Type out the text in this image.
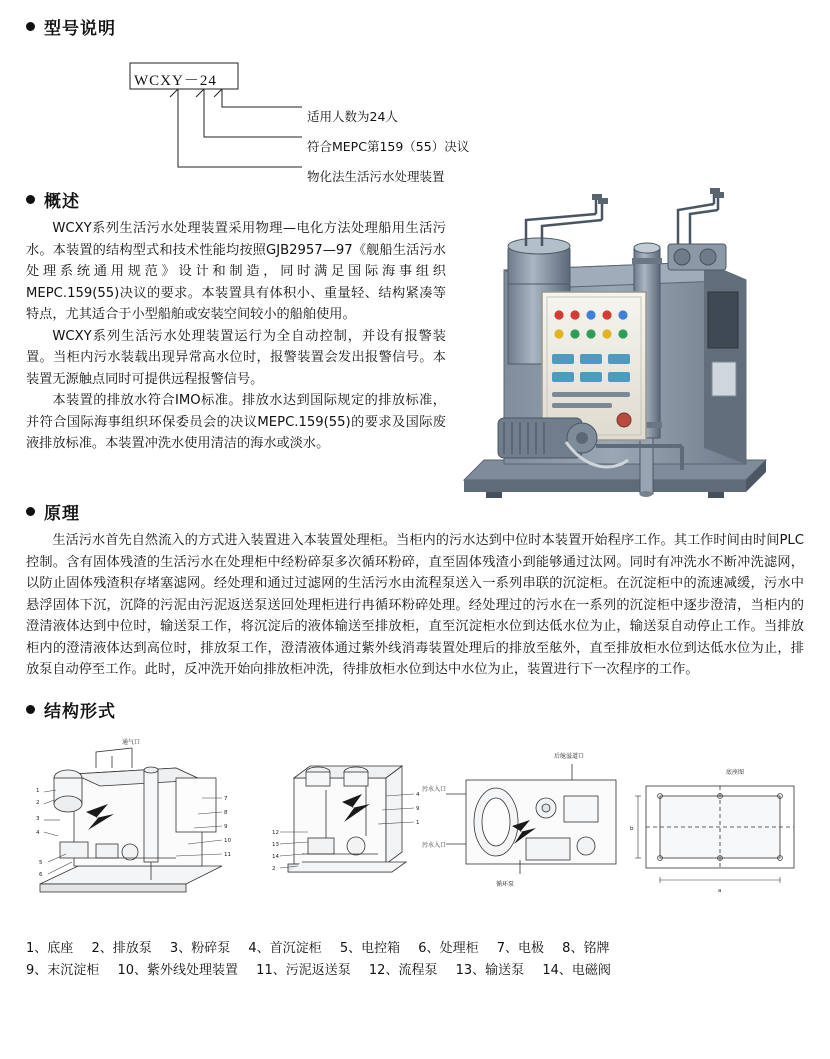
型号说明
WCXY－24
适用人数为24人
符合MEPC第159（55）决议
物化法生活污水处理装置
概述

WCXY系列生活污水处理装置采用物理—电化方法处理船用生活污水。本装置的结构型式和技术性能均按照GJB2957—97《舰船生活污水处理系统通用规范》设计和制造，同时满足国际海事组织MEPC.159(55)决议的要求。本装置具有体积小、重量轻、结构紧凑等特点，尤其适合于小型船舶或安装空间较小的船舶使用。

WCXY系列生活污水处理装置运行为全自动控制，并设有报警装置。当柜内污水装载出现异常高水位时，报警装置会发出报警信号。本装置无源触点同时可提供远程报警信号。

本装置的排放水符合IMO标准。排放水达到国际规定的排放标准，并符合国际海事组织环保委员会的决议MEPC.159(55)的要求及国际废液排放标准。本装置冲洗水使用清洁的海水或淡水。

原理

生活污水首先自然流入的方式进入装置进入本装置处理柜。当柜内的污水达到中位时本装置开始程序工作。其工作时间由时间PLC控制。含有固体残渣的生活污水在处理柜中经粉碎泵多次循环粉碎，直至固体残渣小到能够通过汰网。同时有冲洗水不断冲洗滤网，以防止固体残渣积存堵塞滤网。经处理和通过过滤网的生活污水由流程泵送入一系列串联的沉淀柜。在沉淀柜中的流速减缓，污水中悬浮固体下沉，沉降的污泥由污泥返送泵送回处理柜进行冉循环粉碎处理。经处理过的污水在一系列的沉淀柜中逐步澄清，当柜内的澄清液体达到中位时，输送泵工作，将沉淀后的液体输送至排放柜，直至沉淀柜水位到达低水位为止，输送泵自动停止工作。当排放柜内的澄清液体达到高位时，排放泵工作，澄清液体通过紫外线消毒装置处理后的排放至舷外，直至排放柜水位到达低水位为止，排放泵自动停至工作。此时，反冲洗开始向排放柜冲洗，待排放柜水位到达中水位为止，装置进行下一次程序的工作。

结构形式
1
2
3
4
5
6
7
8
9
10
11
通气口
12
13
14
2
4
9
1
污水入口
污水入口
后舱溢道口
循环泵
底座图
b
a
1、底座 2、排放泵 3、粉碎泵 4、首沉淀柜 5、电控箱 6、处理柜 7、电极 8、铭牌
9、末沉淀柜 10、紫外线处理装置 11、污泥返送泵 12、流程泵 13、输送泵 14、电磁阀
